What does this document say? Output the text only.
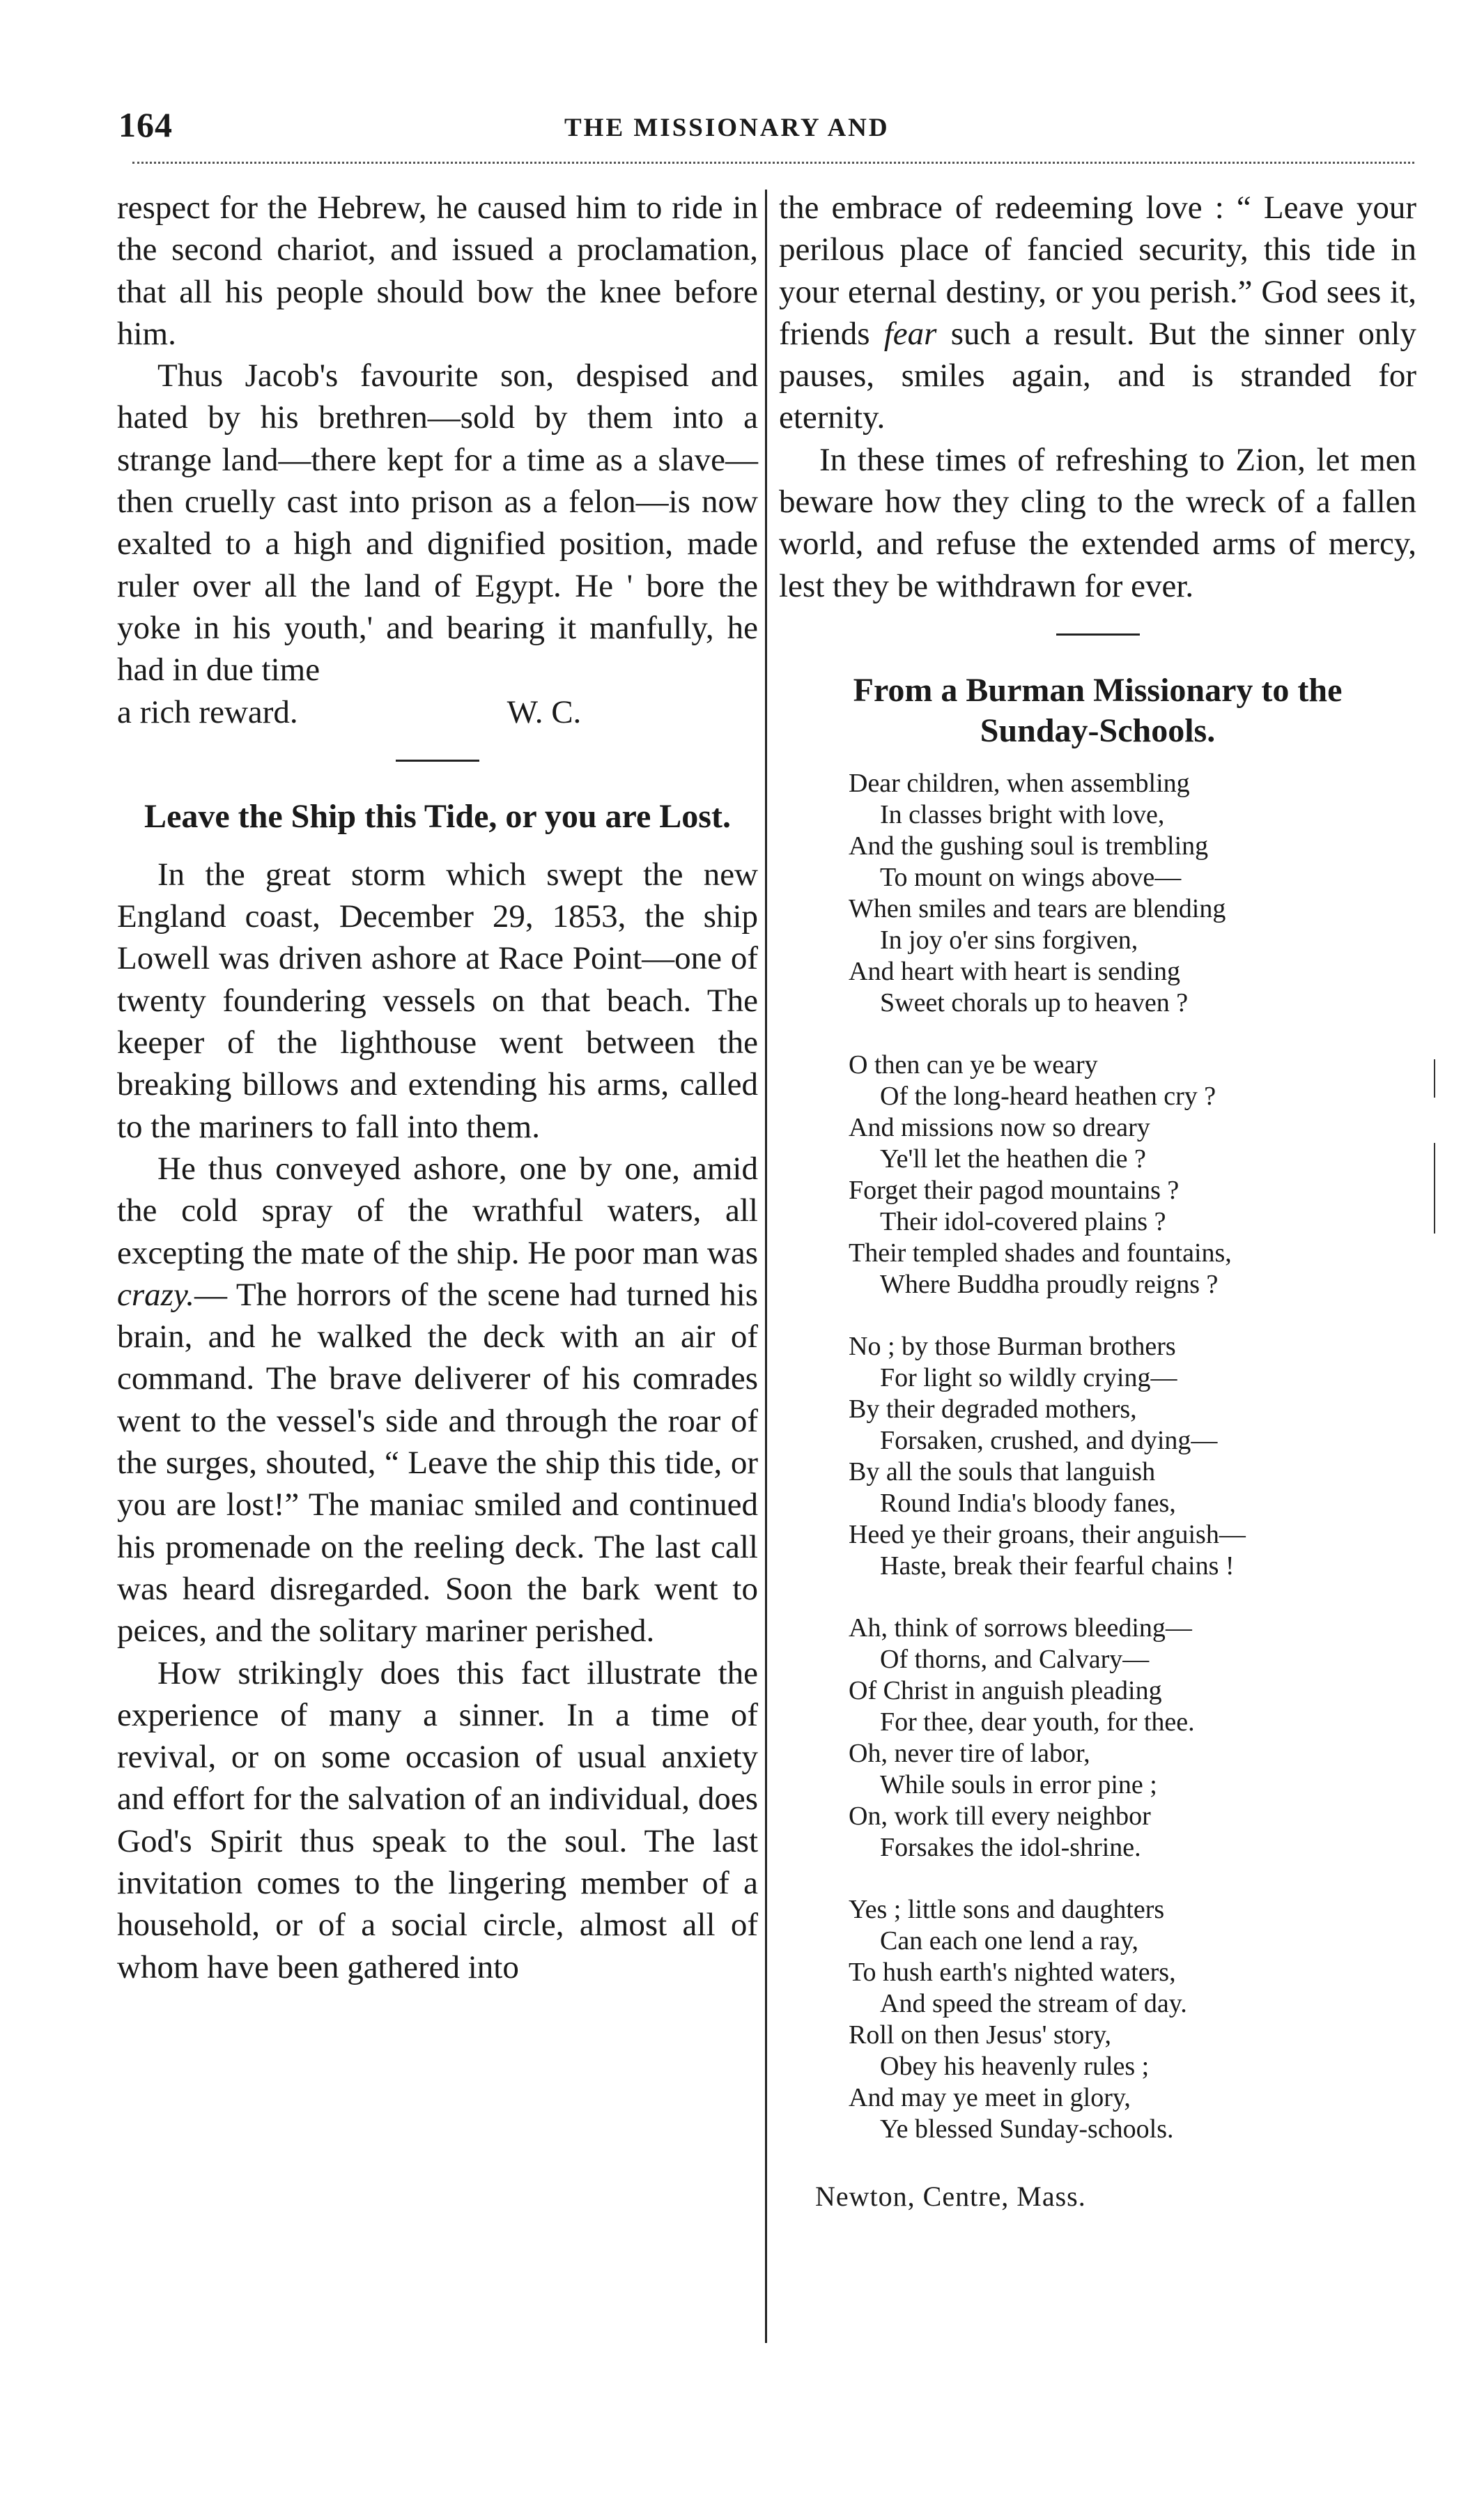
164	THE MISSIONARY AND

respect for the Hebrew, he caused him to ride in the second chariot, and issued a proclamation, that all his people should bow the knee before him.

Thus Jacob's favourite son, despised and hated by his brethren—sold by them into a strange land—there kept for a time as a slave—then cruelly cast into prison as a felon—is now exalted to a high and dignified position, made ruler over all the land of Egypt. He ' bore the yoke in his youth,' and bearing it manfully, he had in due time

a rich reward.	W. C.

Leave the Ship this Tide, or you are Lost.

In the great storm which swept the new England coast, December 29, 1853, the ship Lowell was driven ashore at Race Point—one of twenty foundering vessels on that beach. The keeper of the lighthouse went between the breaking billows and extending his arms, called to the mariners to fall into them.

He thus conveyed ashore, one by one, amid the cold spray of the wrathful waters, all excepting the mate of the ship. He poor man was crazy.— The horrors of the scene had turned his brain, and he walked the deck with an air of command. The brave deliverer of his comrades went to the vessel's side and through the roar of the surges, shouted, “ Leave the ship this tide, or you are lost!” The maniac smiled and continued his promenade on the reeling deck. The last call was heard disregarded. Soon the bark went to peices, and the solitary mariner perished.

How strikingly does this fact illustrate the experience of many a sinner. In a time of revival, or on some occasion of usual anxiety and effort for the salvation of an individual, does God's Spirit thus speak to the soul. The last invitation comes to the lingering member of a household, or of a social circle, almost all of whom have been gathered into

the embrace of redeeming love : “ Leave your perilous place of fancied security, this tide in your eternal destiny, or you perish.” God sees it, friends fear such a result. But the sinner only pauses, smiles again, and is stranded for eternity.

In these times of refreshing to Zion, let men beware how they cling to the wreck of a fallen world, and refuse the extended arms of mercy, lest they be withdrawn for ever.

From a Burman Missionary to the
Sunday-Schools.
Dear children, when assembling
In classes bright with love,
And the gushing soul is trembling
To mount on wings above—
When smiles and tears are blending
In joy o'er sins forgiven,
And heart with heart is sending
Sweet chorals up to heaven ?
O then can ye be weary
Of the long-heard heathen cry ?
And missions now so dreary
Ye'll let the heathen die ?
Forget their pagod mountains ?
Their idol-covered plains ?
Their templed shades and fountains,
Where Buddha proudly reigns ?
No ; by those Burman brothers
For light so wildly crying—
By their degraded mothers,
Forsaken, crushed, and dying—
By all the souls that languish
Round India's bloody fanes,
Heed ye their groans, their anguish—
Haste, break their fearful chains !
Ah, think of sorrows bleeding—
Of thorns, and Calvary—
Of Christ in anguish pleading
For thee, dear youth, for thee.
Oh, never tire of labor,
While souls in error pine ;
On, work till every neighbor
Forsakes the idol-shrine.
Yes ; little sons and daughters
Can each one lend a ray,
To hush earth's nighted waters,
And speed the stream of day.
Roll on then Jesus' story,
Obey his heavenly rules ;
And may ye meet in glory,
Ye blessed Sunday-schools.
Newton, Centre, Mass.
